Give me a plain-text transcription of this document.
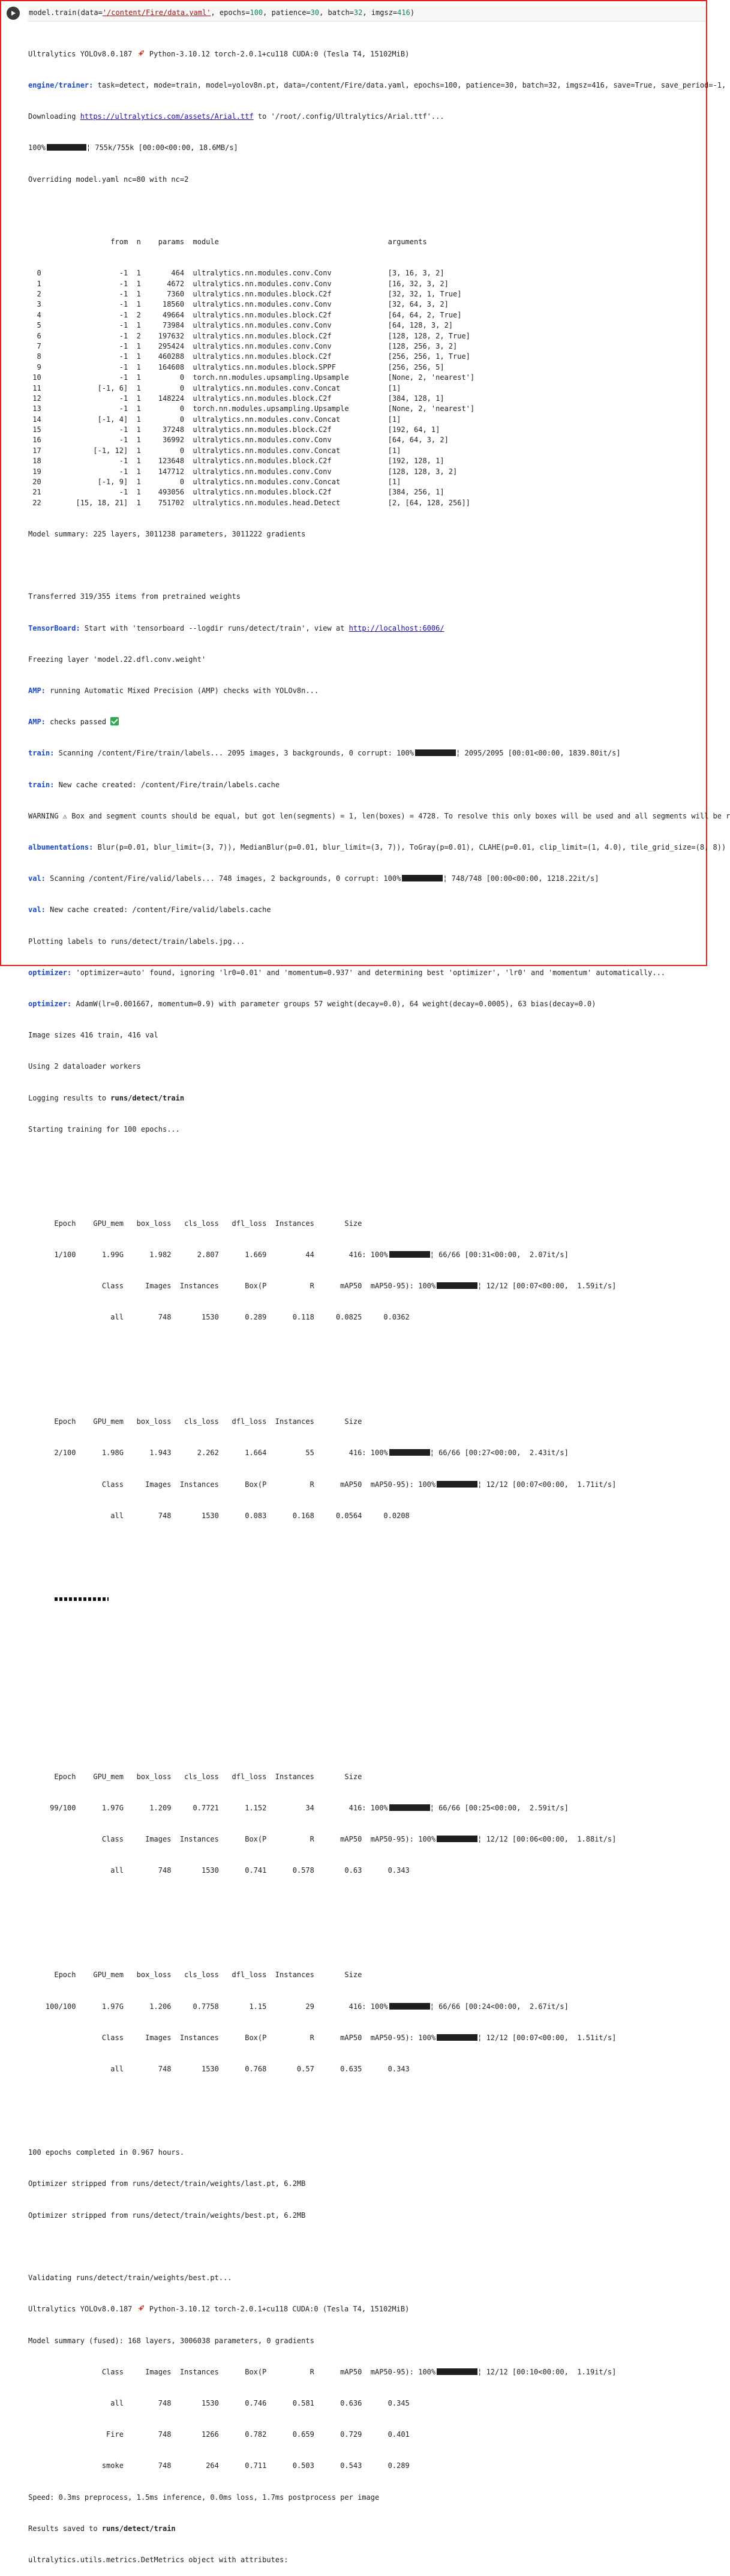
model.train(data='/content/Fire/data.yaml', epochs=100, patience=30, batch=32, imgsz=416)

Ultralytics YOLOv8.0.187  Python-3.10.12 torch-2.0.1+cu118 CUDA:0 (Tesla T4, 15102MiB)

engine/trainer: task=detect, mode=train, model=yolov8n.pt, data=/content/Fire/data.yaml, epochs=100, patience=30, batch=32, imgsz=416, save=True, save_period=-1,

Downloading https://ultralytics.com/assets/Arial.ttf to '/root/.config/Ultralytics/Arial.ttf'...

100%	¦ 755k/755k [00:00<00:00, 18.6MB/s]

Overriding model.yaml nc=80 with nc=2

from  n    params  module                                       arguments

0                  -1  1       464  ultralytics.nn.modules.conv.Conv             [3, 16, 3, 2]
1                  -1  1      4672  ultralytics.nn.modules.conv.Conv             [16, 32, 3, 2]
2                  -1  1      7360  ultralytics.nn.modules.block.C2f             [32, 32, 1, True]
3                  -1  1     18560  ultralytics.nn.modules.conv.Conv             [32, 64, 3, 2]
4                  -1  2     49664  ultralytics.nn.modules.block.C2f             [64, 64, 2, True]
5                  -1  1     73984  ultralytics.nn.modules.conv.Conv             [64, 128, 3, 2]
6                  -1  2    197632  ultralytics.nn.modules.block.C2f             [128, 128, 2, True]
7                  -1  1    295424  ultralytics.nn.modules.conv.Conv             [128, 256, 3, 2]
8                  -1  1    460288  ultralytics.nn.modules.block.C2f             [256, 256, 1, True]
9                  -1  1    164608  ultralytics.nn.modules.block.SPPF            [256, 256, 5]
10                  -1  1         0  torch.nn.modules.upsampling.Upsample         [None, 2, 'nearest']
11             [-1, 6]  1         0  ultralytics.nn.modules.conv.Concat           [1]
12                  -1  1    148224  ultralytics.nn.modules.block.C2f             [384, 128, 1]
13                  -1  1         0  torch.nn.modules.upsampling.Upsample         [None, 2, 'nearest']
14             [-1, 4]  1         0  ultralytics.nn.modules.conv.Concat           [1]
15                  -1  1     37248  ultralytics.nn.modules.block.C2f             [192, 64, 1]
16                  -1  1     36992  ultralytics.nn.modules.conv.Conv             [64, 64, 3, 2]
17            [-1, 12]  1         0  ultralytics.nn.modules.conv.Concat           [1]
18                  -1  1    123648  ultralytics.nn.modules.block.C2f             [192, 128, 1]
19                  -1  1    147712  ultralytics.nn.modules.conv.Conv             [128, 128, 3, 2]
20             [-1, 9]  1         0  ultralytics.nn.modules.conv.Concat           [1]
21                  -1  1    493056  ultralytics.nn.modules.block.C2f             [384, 256, 1]
22        [15, 18, 21]  1    751702  ultralytics.nn.modules.head.Detect           [2, [64, 128, 256]]

Model summary: 225 layers, 3011238 parameters, 3011222 gradients

Transferred 319/355 items from pretrained weights

TensorBoard: Start with 'tensorboard --logdir runs/detect/train', view at http://localhost:6006/

Freezing layer 'model.22.dfl.conv.weight'

AMP: running Automatic Mixed Precision (AMP) checks with YOLOv8n...

AMP: checks passed

train: Scanning /content/Fire/train/labels... 2095 images, 3 backgrounds, 0 corrupt: 100%	¦ 2095/2095 [00:01<00:00, 1839.80it/s]

train: New cache created: /content/Fire/train/labels.cache

WARNING ⚠ Box and segment counts should be equal, but got len(segments) = 1, len(boxes) = 4728. To resolve this only boxes will be used and all segments will be r

albumentations: Blur(p=0.01, blur_limit=(3, 7)), MedianBlur(p=0.01, blur_limit=(3, 7)), ToGray(p=0.01), CLAHE(p=0.01, clip_limit=(1, 4.0), tile_grid_size=(8, 8))

val: Scanning /content/Fire/valid/labels... 748 images, 2 backgrounds, 0 corrupt: 100%	¦ 748/748 [00:00<00:00, 1218.22it/s]

val: New cache created: /content/Fire/valid/labels.cache

Plotting labels to runs/detect/train/labels.jpg...

optimizer: 'optimizer=auto' found, ignoring 'lr0=0.01' and 'momentum=0.937' and determining best 'optimizer', 'lr0' and 'momentum' automatically...

optimizer: AdamW(lr=0.001667, momentum=0.9) with parameter groups 57 weight(decay=0.0), 64 weight(decay=0.0005), 63 bias(decay=0.0)

Image sizes 416 train, 416 val

Using 2 dataloader workers

Logging results to runs/detect/train

Starting training for 100 epochs...

Epoch    GPU_mem   box_loss   cls_loss   dfl_loss  Instances       Size

1/100      1.99G      1.982      2.807      1.669         44        416: 100%	¦ 66/66 [00:31<00:00,  2.07it/s]

Class     Images  Instances      Box(P          R      mAP50  mAP50-95): 100%	¦ 12/12 [00:07<00:00,  1.59it/s]

all        748       1530      0.289      0.118     0.0825     0.0362

Epoch    GPU_mem   box_loss   cls_loss   dfl_loss  Instances       Size

2/100      1.98G      1.943      2.262      1.664         55        416: 100%	¦ 66/66 [00:27<00:00,  2.43it/s]

Class     Images  Instances      Box(P          R      mAP50  mAP50-95): 100%	¦ 12/12 [00:07<00:00,  1.71it/s]

all        748       1530      0.083      0.168     0.0564     0.0208

Epoch    GPU_mem   box_loss   cls_loss   dfl_loss  Instances       Size

99/100      1.97G      1.209     0.7721      1.152         34        416: 100%	¦ 66/66 [00:25<00:00,  2.59it/s]

Class     Images  Instances      Box(P          R      mAP50  mAP50-95): 100%	¦ 12/12 [00:06<00:00,  1.88it/s]

all        748       1530      0.741      0.578       0.63      0.343

Epoch    GPU_mem   box_loss   cls_loss   dfl_loss  Instances       Size

100/100      1.97G      1.206     0.7758       1.15         29        416: 100%	¦ 66/66 [00:24<00:00,  2.67it/s]

Class     Images  Instances      Box(P          R      mAP50  mAP50-95): 100%	¦ 12/12 [00:07<00:00,  1.51it/s]

all        748       1530      0.768       0.57      0.635      0.343

100 epochs completed in 0.967 hours.

Optimizer stripped from runs/detect/train/weights/last.pt, 6.2MB

Optimizer stripped from runs/detect/train/weights/best.pt, 6.2MB

Validating runs/detect/train/weights/best.pt...

Ultralytics YOLOv8.0.187  Python-3.10.12 torch-2.0.1+cu118 CUDA:0 (Tesla T4, 15102MiB)

Model summary (fused): 168 layers, 3006038 parameters, 0 gradients

Class     Images  Instances      Box(P          R      mAP50  mAP50-95): 100%	¦ 12/12 [00:10<00:00,  1.19it/s]

all        748       1530      0.746      0.581      0.636      0.345

Fire        748       1266      0.782      0.659      0.729      0.401

smoke        748        264      0.711      0.503      0.543      0.289

Speed: 0.3ms preprocess, 1.5ms inference, 0.0ms loss, 1.7ms postprocess per image

Results saved to runs/detect/train

ultralytics.utils.metrics.DetMetrics object with attributes:
